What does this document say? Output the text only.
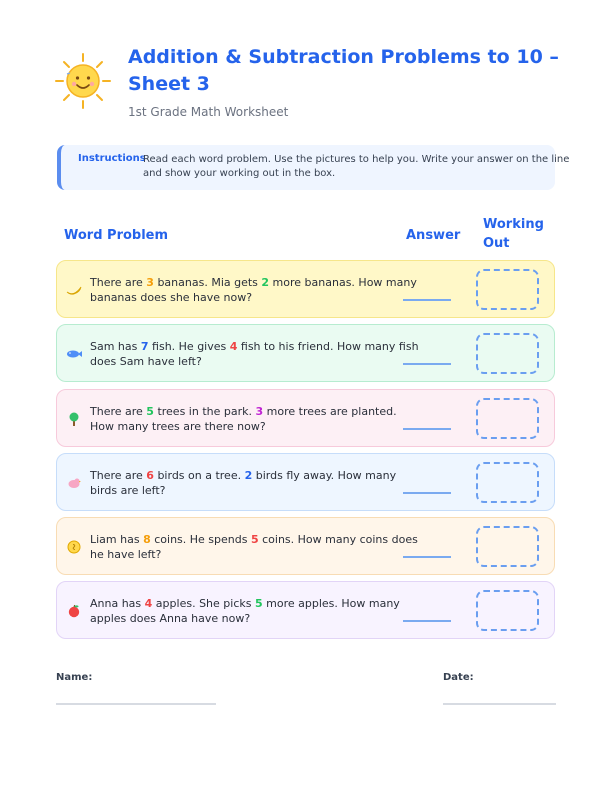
Addition & Subtraction Problems to 10 – Sheet 3
1st Grade Math Worksheet
Instructions
Read each word problem. Use the pictures to help you. Write your answer on the line and show your working out in the box.
Word Problem	Answer
Working Out
There are 3 bananas. Mia gets 2 more bananas. How many bananas does she have now?
Sam has 7 fish. He gives 4 fish to his friend. How many fish does Sam have left?
There are 5 trees in the park. 3 more trees are planted. How many trees are there now?
There are 6 birds on a tree. 2 birds fly away. How many birds are left?
Liam has 8 coins. He spends 5 coins. How many coins does he have left?
Anna has 4 apples. She picks 5 more apples. How many apples does Anna have now?
Name:	Date:
